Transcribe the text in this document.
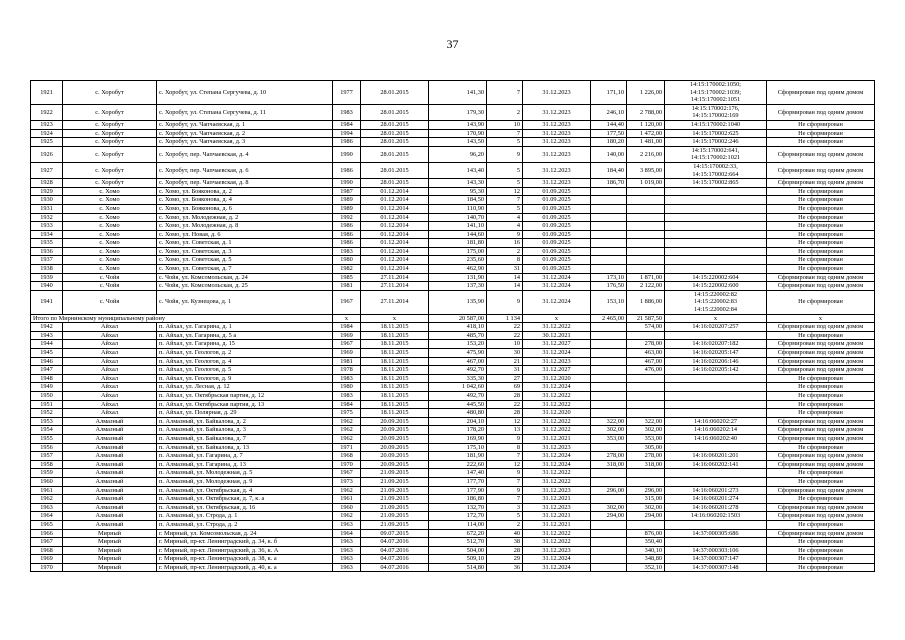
37
1921	с. Хоробут	с. Хоробут, ул. Степана Сергучева, д. 10	1977	28.01.2015	141,30	7	31.12.2023	171,10	1 226,00	14:15:170002:1050;
14:15:170002:1039;
14:15:170002:1051	Сформирован под одним домом
1922	с. Хоробут	с. Хоробут, ул. Степана Сергучева, д. 11	1983	28.01.2015	179,30	2	31.12.2023	246,10	2 788,00	14:15:170002:176,
14:15:170002:169	Сформирован под одним домом
1923	с. Хоробут	с. Хоробут, ул. Чапчаевская, д. 1	1984	28.01.2015	143,90	10	31.12.2023	144,40	1 120,00	14:15:170002:1040	Не сформирован
1924	с. Хоробут	с. Хоробут, ул. Чапчаевская, д. 2	1994	28.01.2015	170,90	7	31.12.2023	177,50	1 472,00	14:15:170002:625	Не сформирован
1925	с. Хоробут	с. Хоробут, ул. Чапчаевская, д. 3	1986	28.01.2015	143,50	5	31.12.2023	180,20	1 481,00	14:15:170002:246	Не сформирован
1926	с. Хоробут	с. Хоробут, пер. Чапчаевская, д. 4	1990	28.01.2015	96,20	9	31.12.2023	140,00	2 216,00	14:15:170002:641,
14:15:170002:1021	Сформирован под одним домом
1927	с. Хоробут	с. Хоробут, пер. Чапчаевская, д. 6	1986	28.01.2015	143,40	5	31.12.2023	184,40	3 895,00	14:15:170002:33,
14:15:170002:664	Сформирован под одним домом
1928	с. Хоробут	с. Хоробут, пер. Чапчаевская, д. 8	1990	28.01.2015	143,30	5	31.12.2023	186,70	1 019,00	14:15:170002:865	Сформирован под одним домом
1929	с. Хомо	с. Хомо, ул. Бояконова, д. 2	1987	01.12.2014	95,30	12	01.09.2025				Не сформирован
1930	с. Хомо	с. Хомо, ул. Бояконова, д. 4	1989	01.12.2014	184,50	7	01.09.2025				Не сформирован
1931	с. Хомо	с. Хомо, ул. Бояконова, д. 6	1989	01.12.2014	110,90	5	01.09.2025				Не сформирован
1932	с. Хомо	с. Хомо, ул. Молодежная, д. 2	1992	01.12.2014	140,70	4	01.09.2025				Не сформирован
1933	с. Хомо	с. Хомо, ул. Молодежная, д. 8	1986	01.12.2014	141,10	4	01.09.2025				Не сформирован
1934	с. Хомо	с. Хомо, ул. Новая, д. 6	1986	01.12.2014	144,60	9	01.09.2025				Не сформирован
1935	с. Хомо	с. Хомо, ул. Советская, д. 1	1986	01.12.2014	181,80	16	01.09.2025				Не сформирован
1936	с. Хомо	с. Хомо, ул. Советская, д. 3	1983	01.12.2014	175,00	2	01.09.2025				Не сформирован
1937	с. Хомо	с. Хомо, ул. Советская, д. 5	1980	01.12.2014	235,60	8	01.09.2025				Не сформирован
1938	с. Хомо	с. Хомо, ул. Советская, д. 7	1982	01.12.2014	462,90	31	01.09.2025				Не сформирован
1939	с. Чойя	с. Чойя, ул. Комсомольская, д. 24	1985	27.11.2014	131,90	14	31.12.2024	173,10	1 871,00	14:15:220002:604	Сформирован под одним домом
1940	с. Чойя	с. Чойя, ул. Комсомольская, д. 25	1981	27.11.2014	137,30	14	31.12.2024	176,50	2 122,00	14:15:220002:600	Сформирован под одним домом
1941	с. Чойя	с. Чойя, ул. Кузнецова, д. 1	1967	27.11.2014	135,90	9	31.12.2024	153,10	1 886,00	14:15:220002:82
14:15:220002:83
14:15:220002:84	Не сформирован
Итого по Мирнинскому муниципальному району			x	x	20 587,00	1 134	x	2 465,00	21 587,50	x	x
1942	Айхал	п. Айхал, ул. Гагарина, д. 1	1984	18.11.2015	418,10	22	31.12.2022		574,00	14:16:020207:257	Сформирован под одним домом
1943	Айхал	п. Айхал, ул. Гагарина, д. 5 а	1969	18.11.2015	485,70	22	30.12.2021				Не сформирован
1944	Айхал	п. Айхал, ул. Гагарина, д. 15	1967	18.11.2015	153,20	10	31.12.2027		278,00	14:16:020207:182	Сформирован под одним домом
1945	Айхал	п. Айхал, ул. Геологов, д. 2	1969	18.11.2015	475,90	30	31.12.2024		463,00	14:16:020205:147	Сформирован под одним домом
1946	Айхал	п. Айхал, ул. Геологов, д. 4	1981	18.11.2015	467,00	21	31.12.2023		467,00	14:16:020206:146	Сформирован под одним домом
1947	Айхал	п. Айхал, ул. Геологов, д. 5	1978	18.11.2015	492,70	31	31.12.2027		476,00	14:16:020205:142	Сформирован под одним домом
1948	Айхал	п. Айхал, ул. Геологов, д. 9	1983	18.11.2015	335,30	27	31.12.2020				Не сформирован
1949	Айхал	п. Айхал, ул. Лесная, д. 12	1980	18.11.2015	1 042,60	69	31.12.2024				Не сформирован
1950	Айхал	п. Айхал, ул. Октябрьская партия, д. 12	1983	18.11.2015	492,70	28	31.12.2022				Не сформирован
1951	Айхал	п. Айхал, ул. Октябрьская партия, д. 13	1984	18.11.2015	445,50	22	31.12.2022				Не сформирован
1952	Айхал	п. Айхал, ул. Полярная, д. 29	1975	18.11.2015	480,80	28	31.12.2020				Не сформирован
1953	Алмазный	п. Алмазный, ул. Байкалова, д. 2	1962	20.09.2015	204,10	12	31.12.2022	322,00	322,00	14:16:060202:27	Сформирован под одним домом
1954	Алмазный	п. Алмазный, ул. Байкалова, д. 3	1962	20.09.2015	178,20	13	31.12.2022	302,00	302,00	14:16:060202:14	Сформирован под одним домом
1955	Алмазный	п. Алмазный, ул. Байкалова, д. 7	1962	20.09.2015	169,90	9	31.12.2021	353,00	353,00	14:16:060202:40	Сформирован под одним домом
1956	Алмазный	п. Алмазный, ул. Байкалова, д. 13	1971	20.09.2015	175,10	8	31.12.2023		305,00		Не сформирован
1957	Алмазный	п. Алмазный, ул. Гагарина, д. 7	1968	20.09.2015	181,90	7	31.12.2024	278,00	278,00	14:16:060201:201	Сформирован под одним домом
1958	Алмазный	п. Алмазный, ул. Гагарина, д. 13	1970	20.09.2015	222,60	12	31.12.2024	318,00	318,00	14:16:060202:141	Сформирован под одним домом
1959	Алмазный	п. Алмазный, ул. Молодежная, д. 5	1967	21.09.2015	147,40	9	31.12.2022				Не сформирован
1960	Алмазный	п. Алмазный, ул. Молодежная, д. 9	1973	21.09.2015	177,70	7	31.12.2022				Не сформирован
1961	Алмазный	п. Алмазный, ул. Октябрьская, д. 4	1962	21.09.2015	177,90	9	31.12.2023	296,00	296,00	14:16:060201:273	Сформирован под одним домом
1962	Алмазный	п. Алмазный, ул. Октябрьская, д. 7, к. а	1961	21.09.2015	186,80	7	31.12.2021		315,00	14:16:060201:274	Не сформирован
1963	Алмазный	п. Алмазный, ул. Октябрьская, д. 16	1960	21.09.2015	132,70	3	31.12.2023	302,00	302,00	14:16:060201:278	Сформирован под одним домом
1964	Алмазный	п. Алмазный, ул. Строда, д. 1	1962	21.09.2015	172,70	5	31.12.2021	294,00	294,00	14:16:060202:1503	Сформирован под одним домом
1965	Алмазный	п. Алмазный, ул. Строда, д. 2	1963	21.09.2015	114,00	2	31.12.2021				Не сформирован
1966	Мирный	г. Мирный, ул. Комсомольская, д. 24	1964	09.07.2015	672,20	40	31.12.2022		876,00	14:37:000305:686	Сформирован под одним домом
1967	Мирный	г. Мирный, пр-кт. Ленинградский, д. 34, к. б	1963	04.07.2016	512,70	38	31.12.2022		350,40		Не сформирован
1968	Мирный	г. Мирный, пр-кт. Ленинградский, д. 36, к. А	1963	04.07.2016	504,00	28	31.12.2023		340,10	14:37:000303:106	Не сформирован
1969	Мирный	г. Мирный, пр-кт. Ленинградский, д. 38, к. а	1963	04.07.2016	509,10	29	31.12.2024		348,80	14:37:000307:147	Не сформирован
1970	Мирный	г. Мирный, пр-кт. Ленинградский, д. 40, к. а	1963	04.07.2016	514,80	36	31.12.2024		352,10	14:37:000307:148	Не сформирован
